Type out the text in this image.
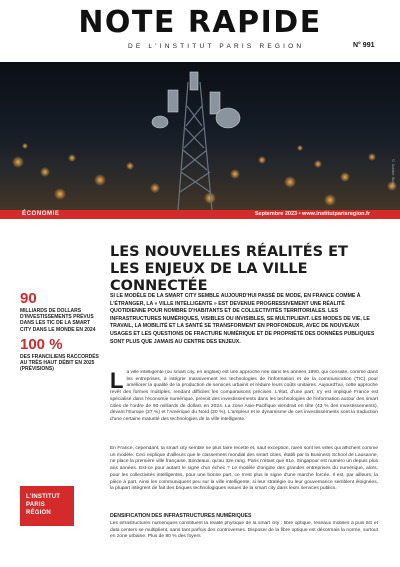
NOTE RAPIDE
DE L'INSTITUT PARIS REGION	N° 991
© Adobe Stock
ÉCONOMIE	Septembre 2023 • www.institutparisregion.fr
LES NOUVELLES RÉALITÉS ET LES ENJEUX DE LA VILLE CONNECTÉE
90
MILLIARDS DE DOLLARS D'INVESTISSEMENTS PRÉVUS DANS LES TIC DE LA SMART CITY DANS LE MONDE EN 2024
100 %
DES FRANCILIENS RACCORDÉS AU TRÈS HAUT DÉBIT EN 2025 (PRÉVISIONS)
SI LE MODÈLE DE LA SMART CITY SEMBLE AUJOURD'HUI PASSÉ DE MODE, EN FRANCE COMME À L'ÉTRANGER, LA « VILLE INTELLIGENTE » EST DEVENUE PROGRESSIVEMENT UNE RÉALITÉ QUOTIDIENNE POUR NOMBRE D'HABITANTS ET DE COLLECTIVITÉS TERRITORIALES. LES INFRASTRUCTURES NUMÉRIQUES, VISIBLES OU INVISIBLES, SE MULTIPLIENT. LES MODES DE VIE, LE TRAVAIL, LA MOBILITÉ ET LA SANTÉ SE TRANSFORMENT EN PROFONDEUR, AVEC DE NOUVEAUX USAGES ET LES QUESTIONS DE FRACTURE NUMÉRIQUE ET DE PROPRIÉTÉ DES DONNÉES PUBLIQUES SONT PLUS QUE JAMAIS AU CENTRE DES ENJEUX.
La ville intelligente (ou smart city, en anglais) est une approche née dans les années 1990, qui consiste, comme dans les entreprises, à intégrer massivement les technologies de l'information et de la communication (TIC) pour améliorer la qualité de la production de services urbains et réduire leurs coûts unitaires. Aujourd'hui, cette approche revêt des formes multiples, rendant difficiles les comparaisons précises. L'état, d'une part, s'y est impliqué France est spécialisé dans l'économie numérique, prévoit des investissements dans les technologies de l'information autour des smart cities de l'ordre de 90 milliards de dollars en 2024. La zone Asie-Pacifique viendrait en tête (43 % des investissements), devant l'Europe (27 %) et l'Amérique du Nord (20 %). L'ampleur et le dynamisme de ces investissements sont la traduction d'une certaine maturité des technologies de la ville intelligente.
En France, cependant, la smart city semble ne plus faire recette et, sauf exception, rares sont les villes qui affichent comme un modèle. Ceci explique d'ailleurs que le classement mondial des smart cities, établi par la Business School de Lausanne, ne place la première ville française, Bordeaux, qu'au 32e rang. Paris n'étant que 61e. Singapour est numéro un depuis plus ans années. Est-ce pour autant le signe d'un échec ? Le modèle d'origine des grandes entreprises du numérique, alors, pour les collectivités intelligentes, pour une bonne part, ce n'est plus le signe d'une marche forcée. Il est, par ailleurs, la pièce à part. Ainsi les communiquent peu sur la ville intelligente, si leur stratégie ou leur gouvernance semblent éloignées, la plupart intègrent de fait des briques technologiques issues de la smart city dans leurs services publics.
DENSIFICATION DES INFRASTRUCTURES NUMÉRIQUES
Les infrastructures numériques constituent la réalité physique de la smart city : fibre optique, réseaux mobiles à puis 5G et data centers se multiplient, sans tant parfois des controverses. Disposer de la fibre optique est désormais la norme, surtout en zone urbaine. Plus de 80 % des foyers
L'INSTITUT
PARIS
RÉGION
